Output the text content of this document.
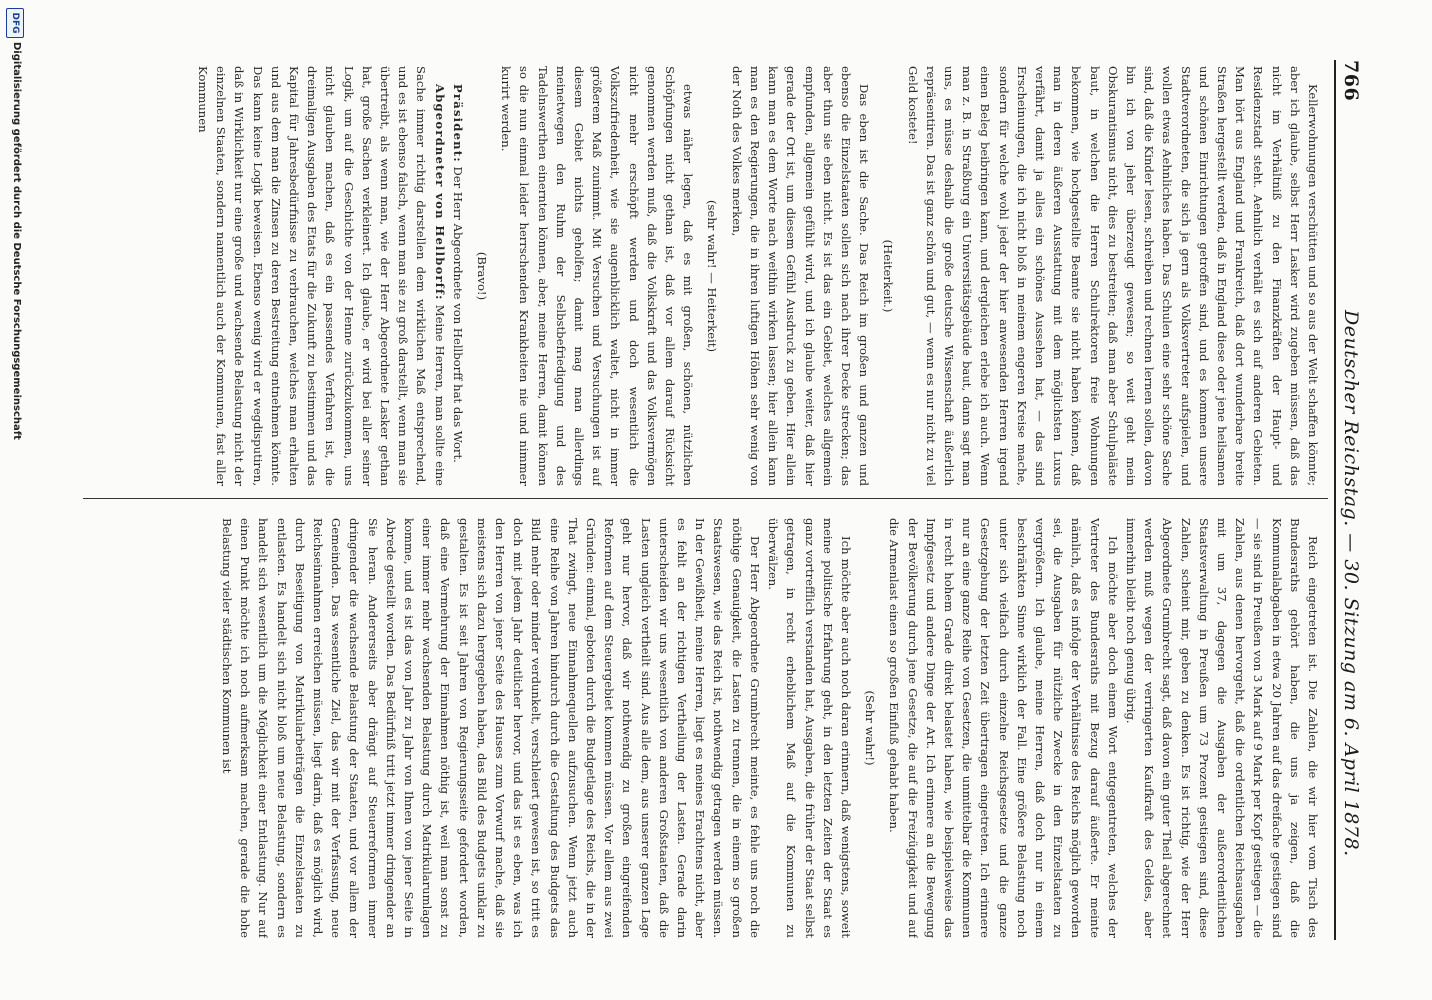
766
Deutscher Reichstag. — 30. Sitzung am 6. April 1878.

Kellerwohnungen verschütten und so aus der Welt schaffen könnte; aber ich glaube, selbst Herr Lasker wird zugeben müssen, daß das nicht im Verhältniß zu den Finanzkräften der Haupt- und Residenzstadt steht. Aehnlich verhält es sich auf anderen Gebieten. Man hört aus England und Frankreich, daß dort wunderbare breite Straßen hergestellt werden, daß in England diese oder jene heilsamen und schönen Einrichtungen getroffen sind, und es kommen unsere Stadtverordneten, die sich ja gern als Volksvertreter aufspielen, und wollen etwas Aehnliches haben. Das Schulen eine sehr schöne Sache sind, daß die Kinder lesen, schreiben und rechnen lernen sollen, davon bin ich von jeher überzeugt gewesen; so weit geht mein Obskurantismus nicht, dies zu bestreiten; daß man aber Schulpaläste baut, in welchen die Herren Schulrektoren freie Wohnungen bekommen, wie hochgestellte Beamte sie nicht haben können, daß man in deren äußeren Ausstattung mit dem möglichsten Luxus verfährt, damit ja alles ein schönes Aussehen hat, — das sind Erscheinungen, die ich nicht bloß in meinem engeren Kreise mache, sondern für welche wohl jeder der hier anwesenden Herren irgend einen Beleg beibringen kann, und dergleichen erlebe ich auch. Wenn man z. B. in Straßburg ein Universitätsgebäude baut, dann sagt man uns, es müsse deshalb die große deutsche Wissenschaft äußerlich repräsentiren. Das ist ganz schön und gut, — wenn es nur nicht zu viel Geld kostete!

(Heiterkeit.)

Das eben ist die Sache. Das Reich im großen und ganzen und ebenso die Einzelstaaten sollen sich nach ihrer Decke strecken; das aber thun sie eben nicht. Es ist das ein Gebiet, welches allgemein empfunden, allgemein gefühlt wird, und ich glaube weiter, daß hier gerade der Ort ist, um diesem Gefühl Ausdruck zu geben. Hier allein kann man es dem Worte nach weithin wirken lassen; hier allein kann man es den Regierungen, die in ihren luftigen Höhen sehr wenig von der Noth des Volkes merken,

(sehr wahr! — Heiterkeit)

etwas näher legen, daß es mit großen, schönen, nützlichen Schöpfungen nicht gethan ist, daß vor allem darauf Rücksicht genommen werden muß, daß die Volkskraft und das Volksvermögen nicht mehr erschöpft werden und doch wesentlich die Volkszufriedenheit, wie sie augenblicklich waltet, nicht in immer größerem Maß zunimmt. Mit Versuchen und Versuchungen ist auf diesem Gebiet nichts geholfen; damit mag man allerdings meinetwegen den Ruhm der Selbstbefriedigung und des Tadelnswerthen einernten können, aber, meine Herren, damit können so die nun einmal leider herrschenden Krankheiten nie und nimmer kurirt werden.

(Bravo!)

Präsident: Der Herr Abgeordnete von Hellborff hat das Wort.

Abgeordneter von Hellborff: Meine Herren, man sollte eine Sache immer richtig darstellen dem wirklichen Maß entsprechend, und es ist ebenso falsch, wenn man sie zu groß darstellt, wenn man sie übertreibt, als wenn man, wie der Herr Abgeordnete Lasker gethan hat, große Sachen verkleinert. Ich glaube, er wird bei aller seiner Logik, um auf die Geschichte von der Henne zurückzukommen, uns nicht glauben machen, daß es ein passendes Verfahren ist, die dreimaligen Ausgaben des Etats für die Zukunft zu bestimmen und das Kapital für Jahresbedürfnisse zu verbrauchen, welches man erhalten und aus dem man die Zinsen zu deren Bestreitung entnehmen könnte. Das kann keine Logik beweisen. Ebenso wenig wird er wegdisputiren, daß in Wirklichkeit nur eine große und wachsende Belastung nicht der einzelnen Staaten, sondern namentlich auch der Kommunen, fast aller Kommunen

Reich eingetreten ist. Die Zahlen, die wir hier vom Tisch des Bundesraths gehört haben, die uns ja zeigen, daß die Kommunalabgaben in etwa 20 Jahren auf das dreifache gestiegen sind — sie sind in Preußen von 3 Mark auf 9 Mark per Kopf gestiegen — die Zahlen, aus denen hervorgeht, daß die ordentlichen Reichsausgaben mit um 37, dagegen die Ausgaben der außerordentlichen Staatsverwaltung in Preußen um 73 Prozent gestiegen sind, diese Zahlen, scheint mir, geben zu denken. Es ist richtig, wie der Herr Abgeordnete Grumbrecht sagt, daß davon ein guter Theil abgerechnet werden muß wegen der verringerten Kaufkraft des Geldes, aber immerhin bleibt noch genug übrig.

Ich möchte aber doch einem Wort entgegentreten, welches der Vertreter des Bundesraths mit Bezug darauf äußerte. Er meinte nämlich, daß es infolge der Verhältnisse des Reichs möglich geworden sei, die Ausgaben für nützliche Zwecke in den Einzelstaaten zu vergrößern. Ich glaube, meine Herren, daß doch nur in einem beschränkten Sinne wirklich der Fall. Eine größere Belastung noch unter sich vielfach durch einzelne Reichsgesetze und die ganze Gesetzgebung der letzten Zeit übertragen eingetreten. Ich erinnere nur an eine ganze Reihe von Gesetzen, die unmittelbar die Kommunen in recht hohem Grade direkt belastet haben, wie beispielsweise das Impfgesetz und andere Dinge der Art. Ich erinnere an die Bewegung der Bevölkerung durch jene Gesetze, die auf die Freizügigkeit und auf die Armenlast einen so großen Einfluß gehabt haben.

(Sehr wahr!)

Ich möchte aber auch noch daran erinnern, daß wenigstens, soweit meine politische Erfahrung geht, in den letzten Zeiten der Staat es ganz vortrefflich verstanden hat, Ausgaben, die früher der Staat selbst getragen, in recht erheblichem Maß auf die Kommunen zu überwälzen.

Der Herr Abgeordnete Grumbrecht meinte, es fehle uns noch die nöthige Genauigkeit, die Lasten zu trennen, die in einem so großen Staatswesen, wie das Reich ist, nothwendig getragen werden müssen. In der Gewißheit, meine Herren, liegt es meines Erachtens nicht, aber es fehlt an der richtigen Vertheilung der Lasten. Gerade darin unterscheiden wir uns wesentlich von anderen Großstaaten, daß die Lasten ungleich vertheilt sind. Aus alle dem, aus unserer ganzen Lage geht nur hervor, daß wir nothwendig zu großen eingreifenden Reformen auf dem Steuergebiet kommen müssen. Vor allem aus zwei Gründen: einmal, geboten durch die Budgetlage des Reichs, die in der That zwingt, neue Einnahmequellen aufzusuchen. Wenn jetzt auch eine Reihe von Jahren hindurch durch die Gestaltung des Budgets das Bild mehr oder minder verdunkelt, verschleiert gewesen ist, so tritt es doch mit jedem Jahr deutlicher hervor, und das ist es eben, was ich den Herren von jener Seite des Hauses zum Vorwurf mache, daß sie meistens sich dazu hergegeben haben, das Bild des Budgets unklar zu gestalten. Es ist seit Jahren von Regierungsseite gefordert worden, daß eine Vermehrung der Einnahmen nöthig ist, weil man sonst zu einer immer mehr wachsenden Belastung durch Matrikularumlagen komme, und es ist das von Jahr zu Jahr von Ihnen von jener Seite in Abrede gestellt worden. Das Bedürfniß tritt jetzt immer dringender an Sie heran. Andererseits aber drängt auf Steuerreformen immer dringender die wachsende Belastung der Staaten, und vor allem der Gemeinden. Das wesentliche Ziel, das wir mit der Verfassung, neue Reichseinnahmen erreichen müssen, liegt darin, daß es möglich wird, durch Beseitigung von Matrikularbeiträgen die Einzelstaaten zu entlasten. Es handelt sich nicht bloß um neue Belastung, sondern es handelt sich wesentlich um die Möglichkeit einer Entlastung. Nur auf einen Punkt möchte ich noch aufmerksam machen, gerade die hohe Belastung vieler städtischen Kommunen ist

DFG
Digitalisierung gefördert durch die Deutsche Forschungsgemeinschaft
